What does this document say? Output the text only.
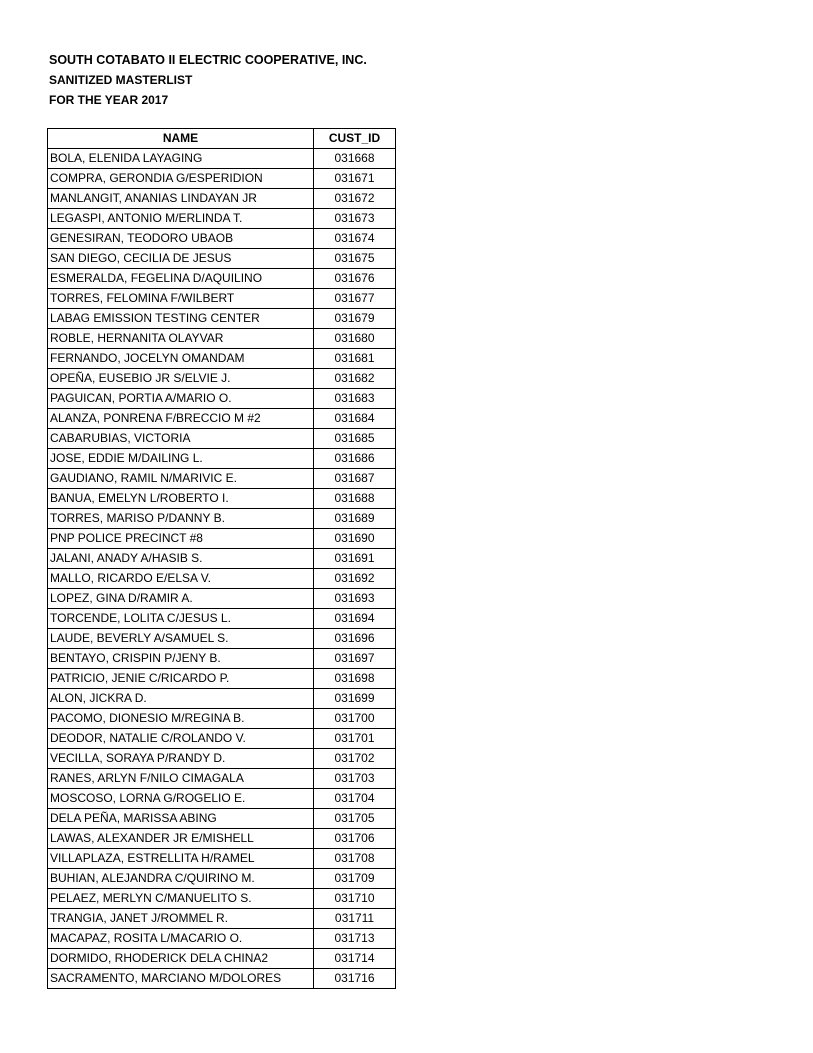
SOUTH COTABATO II ELECTRIC COOPERATIVE, INC.
SANITIZED MASTERLIST
FOR THE YEAR 2017
NAME	CUST_ID
BOLA, ELENIDA LAYAGING	031668
COMPRA, GERONDIA G/ESPERIDION	031671
MANLANGIT, ANANIAS LINDAYAN JR	031672
LEGASPI, ANTONIO M/ERLINDA T.	031673
GENESIRAN, TEODORO UBAOB	031674
SAN DIEGO, CECILIA DE JESUS	031675
ESMERALDA, FEGELINA D/AQUILINO	031676
TORRES, FELOMINA F/WILBERT	031677
LABAG EMISSION TESTING CENTER	031679
ROBLE, HERNANITA OLAYVAR	031680
FERNANDO, JOCELYN OMANDAM	031681
OPEÑA, EUSEBIO JR S/ELVIE J.	031682
PAGUICAN, PORTIA A/MARIO O.	031683
ALANZA, PONRENA F/BRECCIO M #2	031684
CABARUBIAS, VICTORIA	031685
JOSE, EDDIE M/DAILING L.	031686
GAUDIANO, RAMIL N/MARIVIC E.	031687
BANUA, EMELYN L/ROBERTO I.	031688
TORRES, MARISO P/DANNY B.	031689
PNP POLICE PRECINCT #8	031690
JALANI, ANADY A/HASIB S.	031691
MALLO, RICARDO E/ELSA V.	031692
LOPEZ, GINA D/RAMIR A.	031693
TORCENDE, LOLITA C/JESUS L.	031694
LAUDE, BEVERLY A/SAMUEL S.	031696
BENTAYO, CRISPIN P/JENY B.	031697
PATRICIO, JENIE C/RICARDO P.	031698
ALON, JICKRA D.	031699
PACOMO, DIONESIO M/REGINA B.	031700
DEODOR, NATALIE C/ROLANDO V.	031701
VECILLA, SORAYA P/RANDY D.	031702
RANES, ARLYN F/NILO CIMAGALA	031703
MOSCOSO, LORNA G/ROGELIO E.	031704
DELA PEÑA, MARISSA ABING	031705
LAWAS, ALEXANDER JR E/MISHELL	031706
VILLAPLAZA, ESTRELLITA H/RAMEL	031708
BUHIAN, ALEJANDRA C/QUIRINO M.	031709
PELAEZ, MERLYN C/MANUELITO S.	031710
TRANGIA, JANET J/ROMMEL R.	031711
MACAPAZ, ROSITA L/MACARIO O.	031713
DORMIDO, RHODERICK DELA CHINA2	031714
SACRAMENTO, MARCIANO M/DOLORES	031716
